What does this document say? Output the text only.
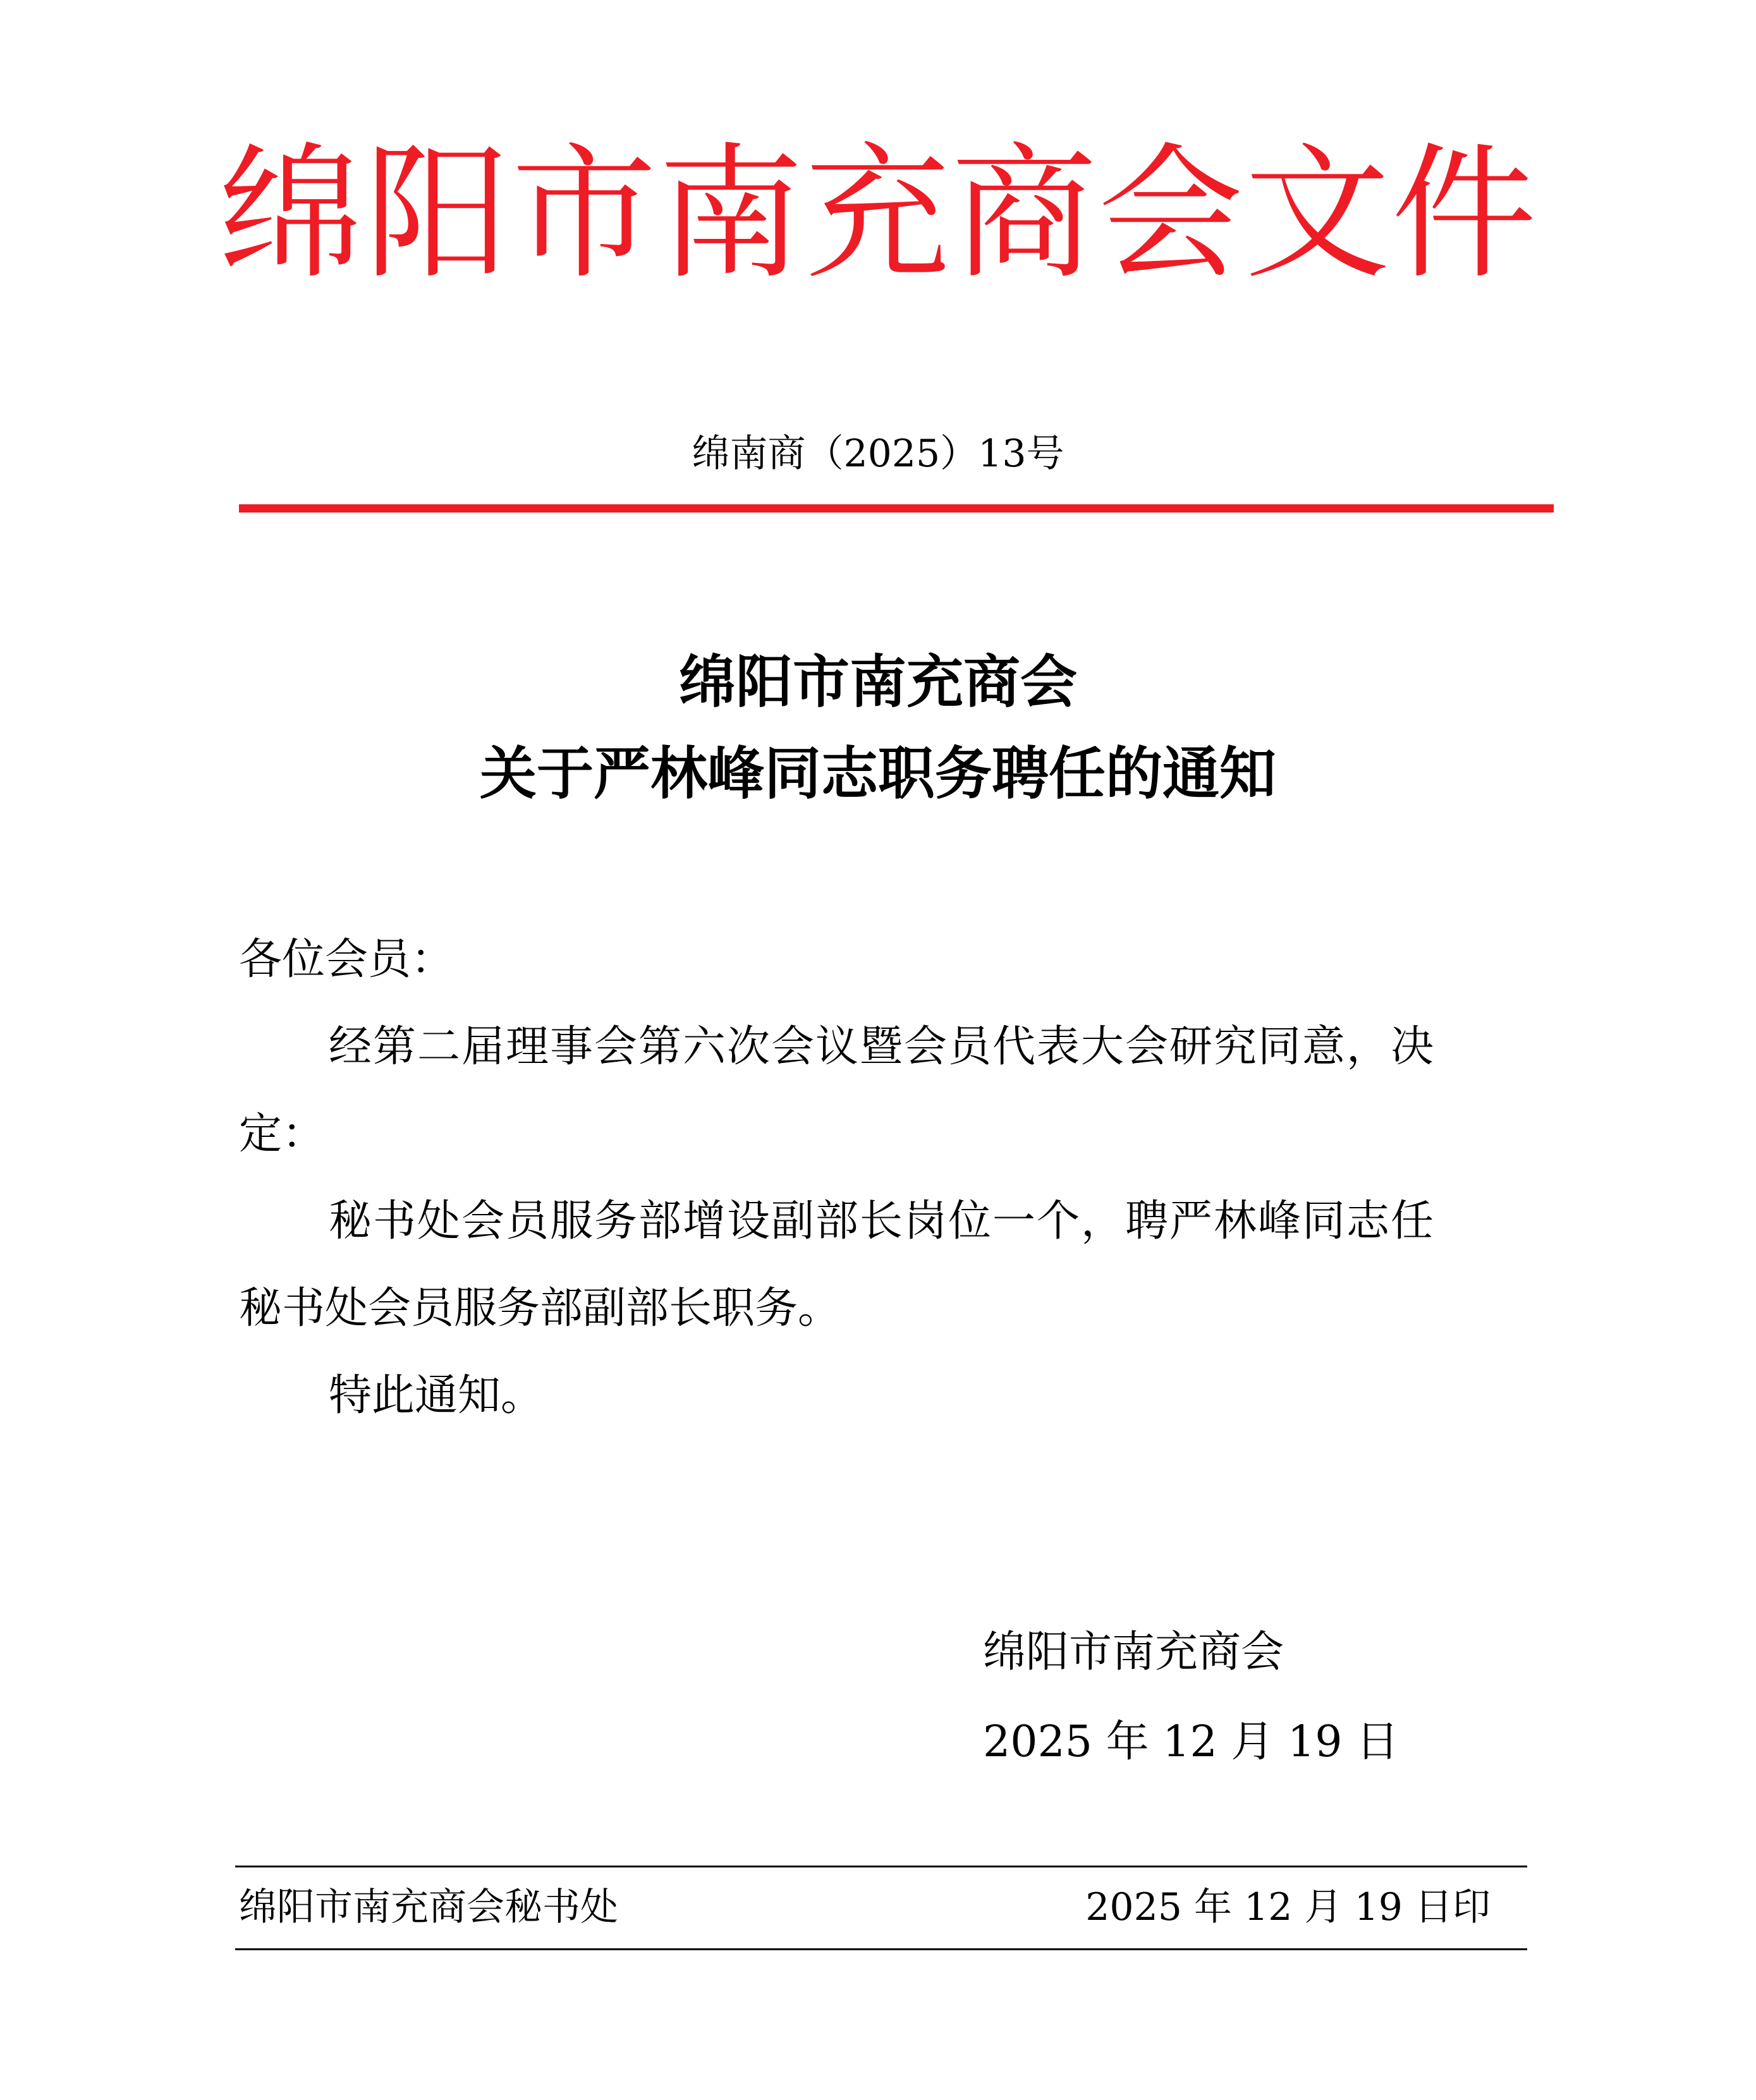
绵阳市南充商会文件
绵南商（2025）13号
绵阳市南充商会
关于严林峰同志职务聘任的通知
各位会员：
经第二届理事会第六次会议暨会员代表大会研究同意，决
定：
秘书处会员服务部增设副部长岗位一个，聘严林峰同志任
秘书处会员服务部副部长职务。
特此通知。
绵阳市南充商会
2025 年 12 月 19 日
绵阳市南充商会秘书处	2025 年 12 月 19 日印
